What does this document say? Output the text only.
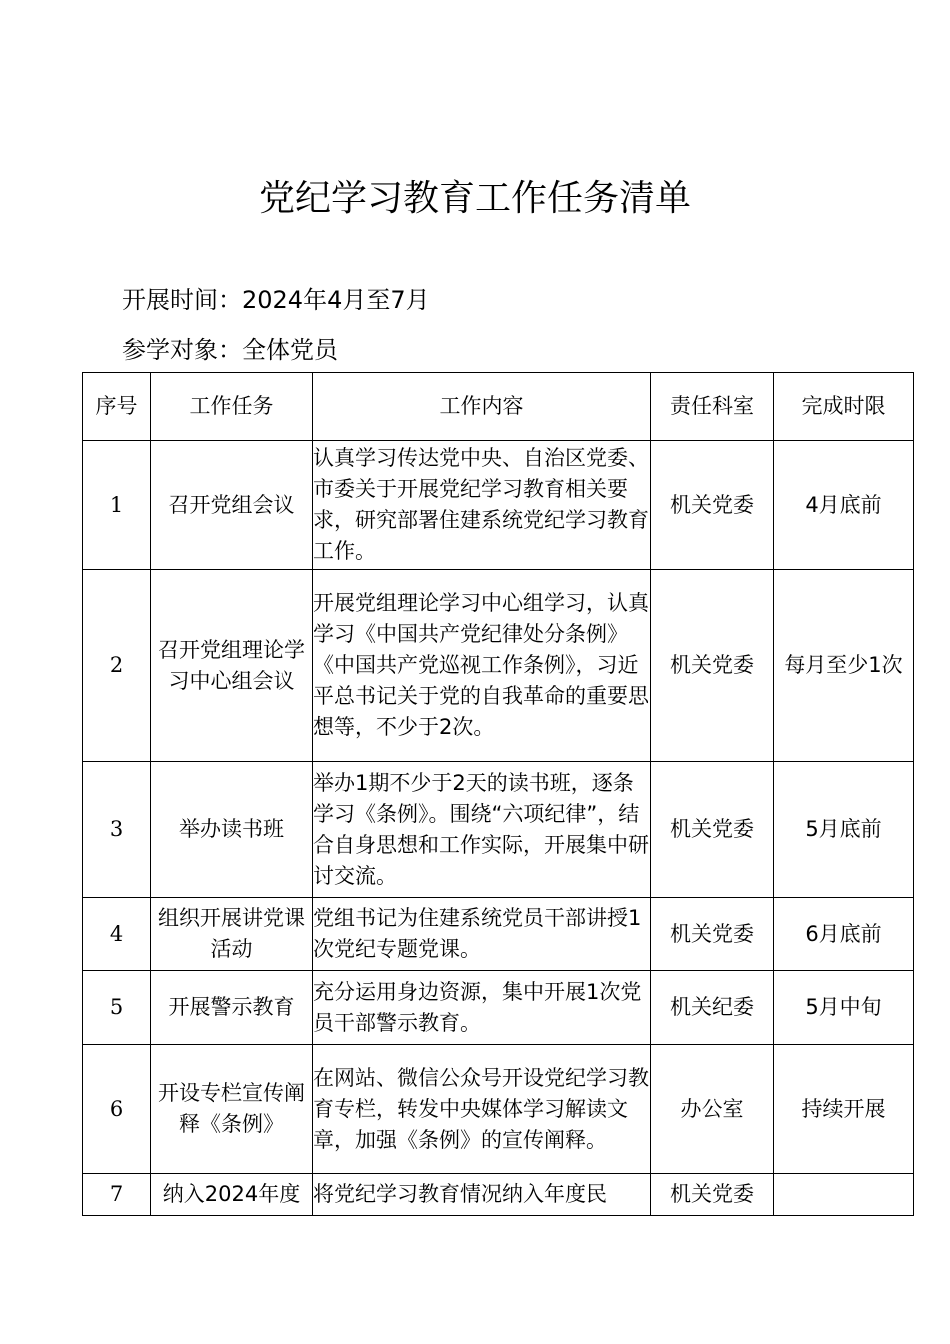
党纪学习教育工作任务清单
开展时间：2024年4月至7月
参学对象：全体党员
序号	工作任务	工作内容	责任科室	完成时限
1	召开党组会议	认真学习传达党中央、自治区党委、市委关于开展党纪学习教育相关要求，研究部署住建系统党纪学习教育工作。	机关党委	4月底前
2	召开党组理论学习中心组会议	开展党组理论学习中心组学习，认真学习《中国共产党纪律处分条例》《中国共产党巡视工作条例》，习近平总书记关于党的自我革命的重要思想等，不少于2次。	机关党委	每月至少1次
3	举办读书班	举办1期不少于2天的读书班，逐条学习《条例》。围绕“六项纪律”，结合自身思想和工作实际，开展集中研讨交流。	机关党委	5月底前
4	组织开展讲党课活动	党组书记为住建系统党员干部讲授1次党纪专题党课。	机关党委	6月底前
5	开展警示教育	充分运用身边资源，集中开展1次党员干部警示教育。	机关纪委	5月中旬
6	开设专栏宣传阐释《条例》	在网站、微信公众号开设党纪学习教育专栏，转发中央媒体学习解读文章，加强《条例》的宣传阐释。	办公室	持续开展
7	纳入2024年度	将党纪学习教育情况纳入年度民	机关党委	
